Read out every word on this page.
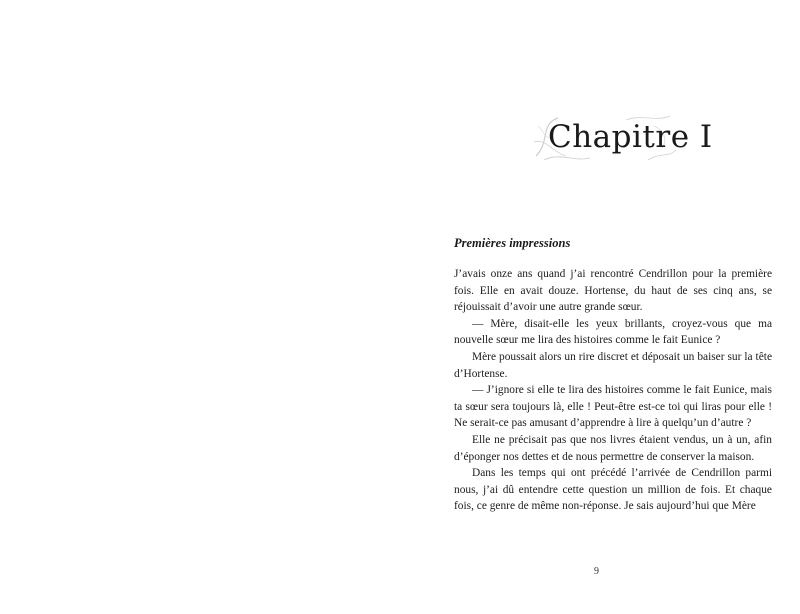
Chapitre I

Premières impressions

J’avais onze ans quand j’ai rencontré Cendrillon pour la première fois. Elle en avait douze. Hortense, du haut de ses cinq ans, se réjouissait d’avoir une autre grande sœur.

— Mère, disait-elle les yeux brillants, croyez-vous que ma nouvelle sœur me lira des histoires comme le fait Eunice ?

Mère poussait alors un rire discret et déposait un baiser sur la tête d’Hortense.

— J’ignore si elle te lira des histoires comme le fait Eunice, mais ta sœur sera toujours là, elle ! Peut-être est-ce toi qui liras pour elle ! Ne serait-ce pas amusant d’apprendre à lire à quelqu’un d’autre ?

Elle ne précisait pas que nos livres étaient vendus, un à un, afin d’éponger nos dettes et de nous permettre de conserver la maison.

Dans les temps qui ont précédé l’arrivée de Cendrillon parmi nous, j’ai dû entendre cette question un million de fois. Et chaque fois, ce genre de même non-réponse. Je sais aujourd’hui que Mère

9
